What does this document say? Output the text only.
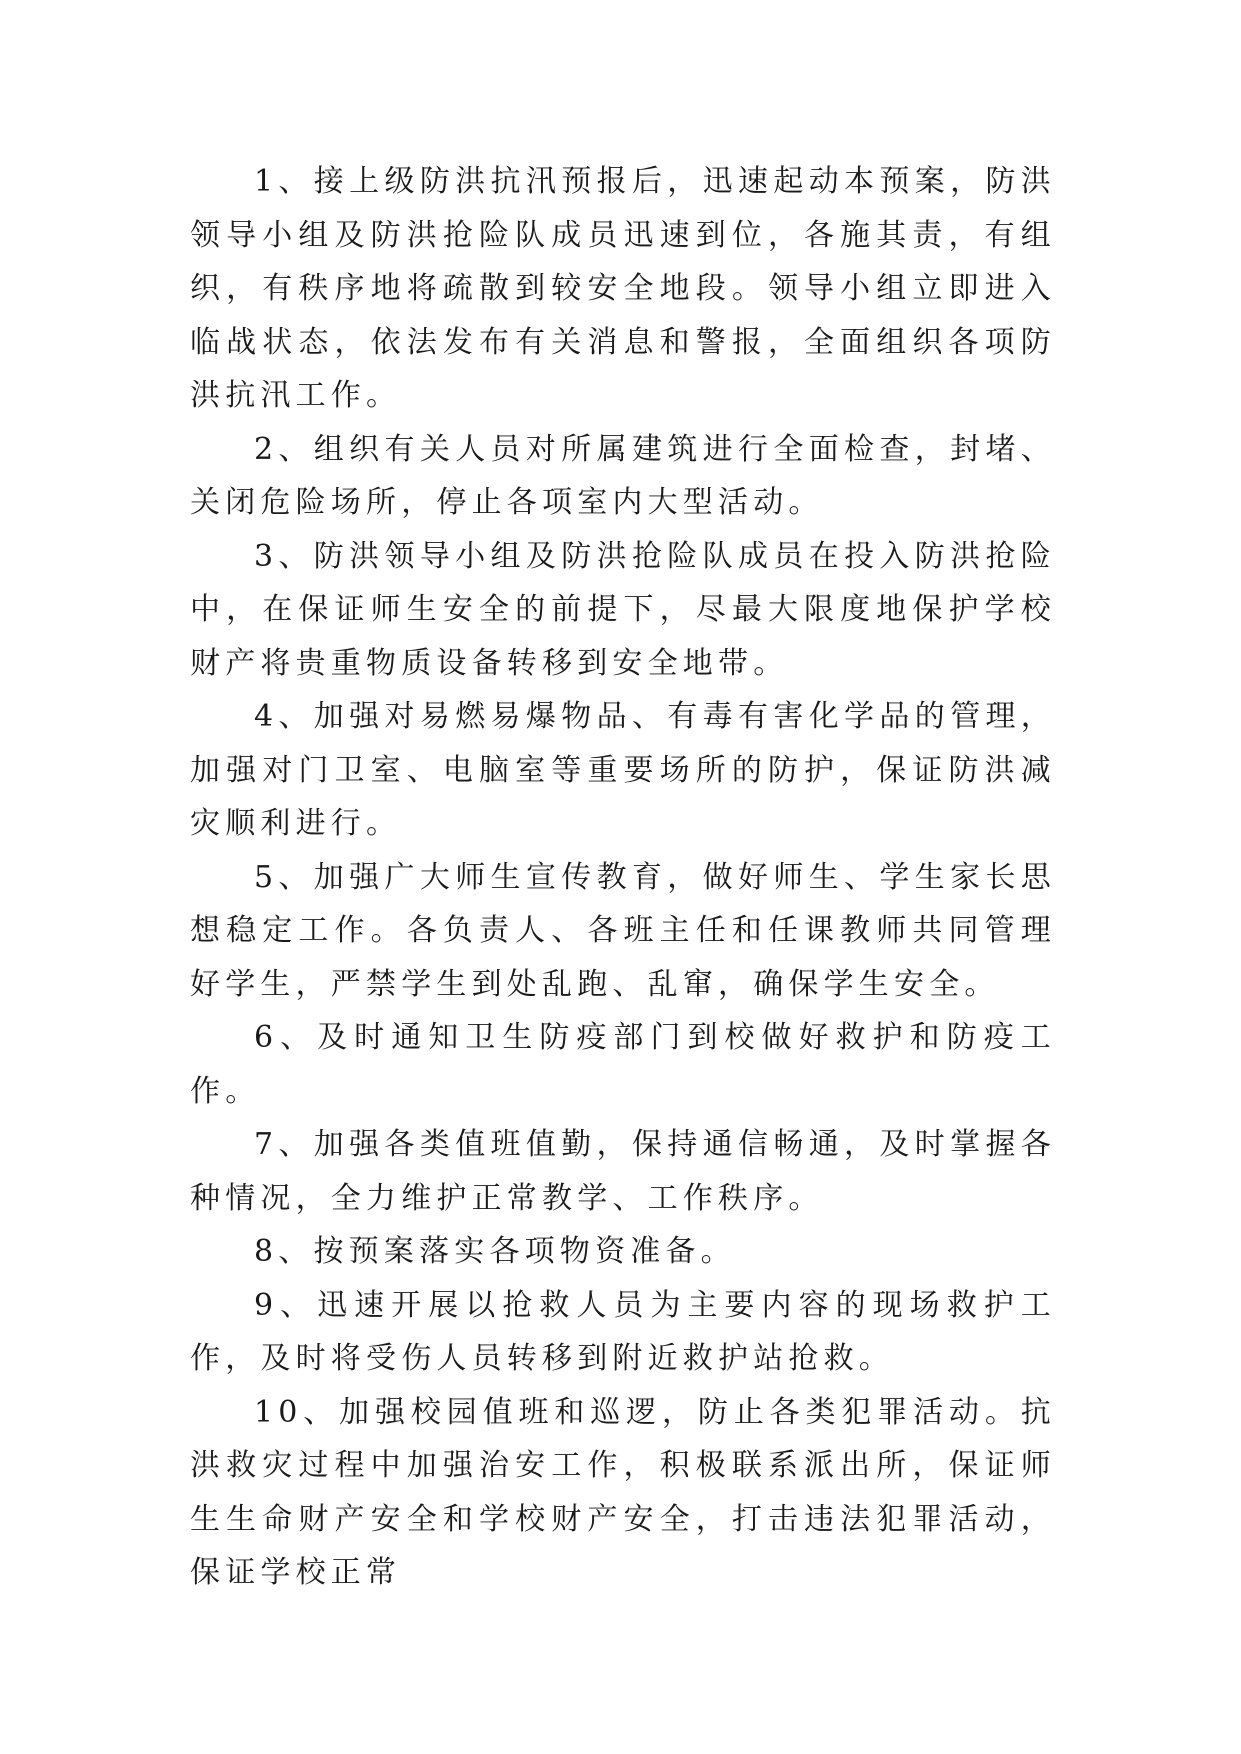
1、接上级防洪抗汛预报后，迅速起动本预案，防洪领导小组及防洪抢险队成员迅速到位，各施其责，有组织，有秩序地将疏散到较安全地段。领导小组立即进入临战状态，依法发布有关消息和警报，全面组织各项防洪抗汛工作。

2、组织有关人员对所属建筑进行全面检查，封堵、关闭危险场所，停止各项室内大型活动。

3、防洪领导小组及防洪抢险队成员在投入防洪抢险中，在保证师生安全的前提下，尽最大限度地保护学校财产将贵重物质设备转移到安全地带。

4、加强对易燃易爆物品、有毒有害化学品的管理，加强对门卫室、电脑室等重要场所的防护，保证防洪减灾顺利进行。

5、加强广大师生宣传教育，做好师生、学生家长思想稳定工作。各负责人、各班主任和任课教师共同管理好学生，严禁学生到处乱跑、乱窜，确保学生安全。

6、及时通知卫生防疫部门到校做好救护和防疫工作。

7、加强各类值班值勤，保持通信畅通，及时掌握各种情况，全力维护正常教学、工作秩序。

8、按预案落实各项物资准备。

9、迅速开展以抢救人员为主要内容的现场救护工作，及时将受伤人员转移到附近救护站抢救。

10、加强校园值班和巡逻，防止各类犯罪活动。抗洪救灾过程中加强治安工作，积极联系派出所，保证师生生命财产安全和学校财产安全，打击违法犯罪活动，保证学校正常
